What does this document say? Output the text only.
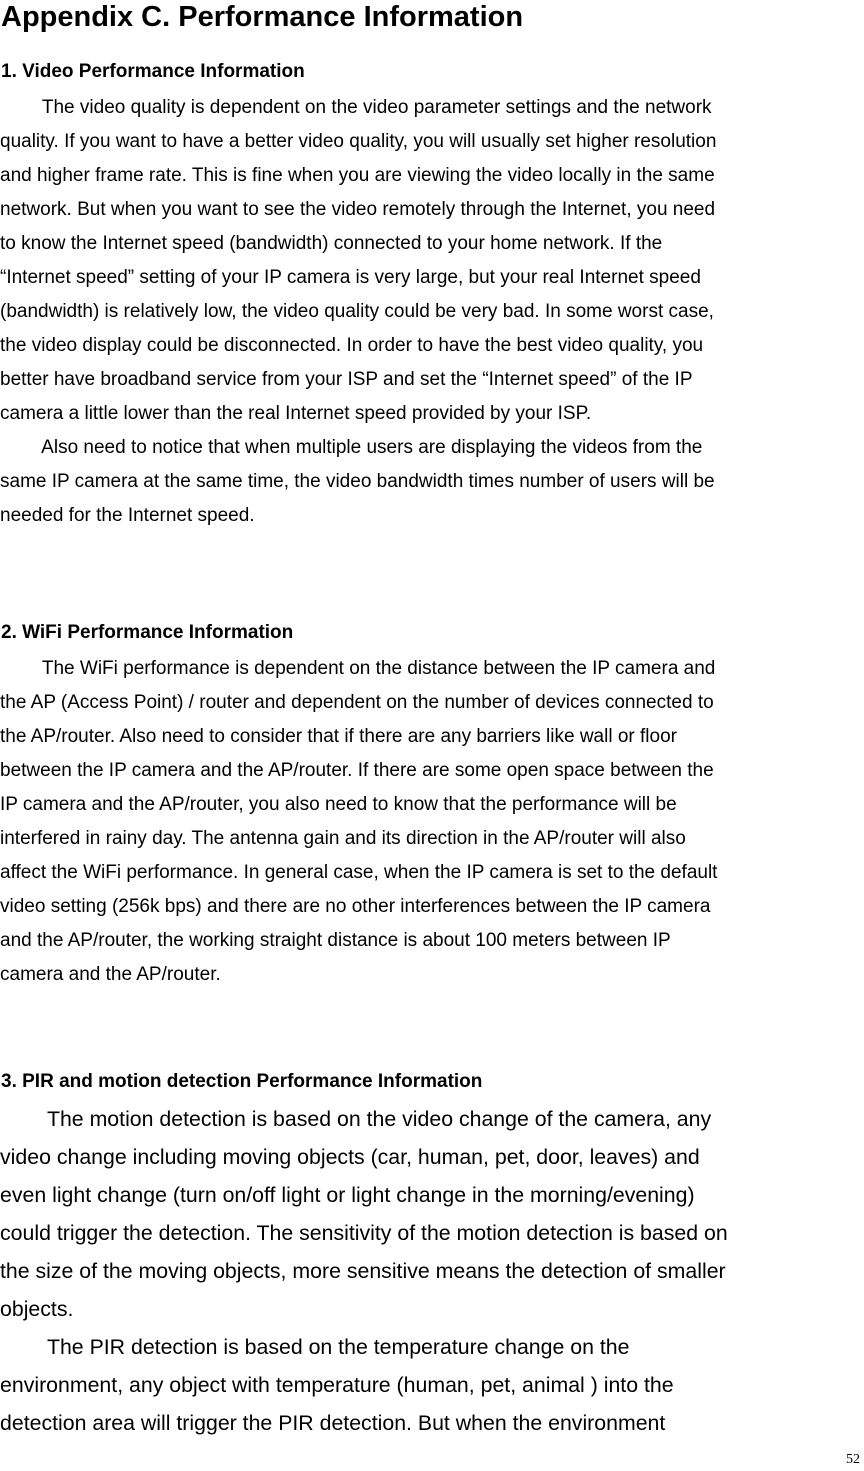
Appendix C. Performance Information
1. Video Performance Information
The video quality is dependent on the video parameter settings and the network
quality. If you want to have a better video quality, you will usually set higher resolution
and higher frame rate. This is fine when you are viewing the video locally in the same
network. But when you want to see the video remotely through the Internet, you need
to know the Internet speed (bandwidth) connected to your home network. If the
“Internet speed” setting of your IP camera is very large, but your real Internet speed
(bandwidth) is relatively low, the video quality could be very bad. In some worst case,
the video display could be disconnected. In order to have the best video quality, you
better have broadband service from your ISP and set the “Internet speed” of the IP
camera a little lower than the real Internet speed provided by your ISP.
Also need to notice that when multiple users are displaying the videos from the
same IP camera at the same time, the video bandwidth times number of users will be
needed for the Internet speed.
2. WiFi Performance Information
The WiFi performance is dependent on the distance between the IP camera and
the AP (Access Point) / router and dependent on the number of devices connected to
the AP/router. Also need to consider that if there are any barriers like wall or floor
between the IP camera and the AP/router. If there are some open space between the
IP camera and the AP/router, you also need to know that the performance will be
interfered in rainy day. The antenna gain and its direction in the AP/router will also
affect the WiFi performance. In general case, when the IP camera is set to the default
video setting (256k bps) and there are no other interferences between the IP camera
and the AP/router, the working straight distance is about 100 meters between IP
camera and the AP/router.
3. PIR and motion detection Performance Information
The motion detection is based on the video change of the camera, any
video change including moving objects (car, human, pet, door, leaves) and
even light change (turn on/off light or light change in the morning/evening)
could trigger the detection. The sensitivity of the motion detection is based on
the size of the moving objects, more sensitive means the detection of smaller
objects.
The PIR detection is based on the temperature change on the
environment, any object with temperature (human, pet, animal ) into the
detection area will trigger the PIR detection. But when the environment
52
